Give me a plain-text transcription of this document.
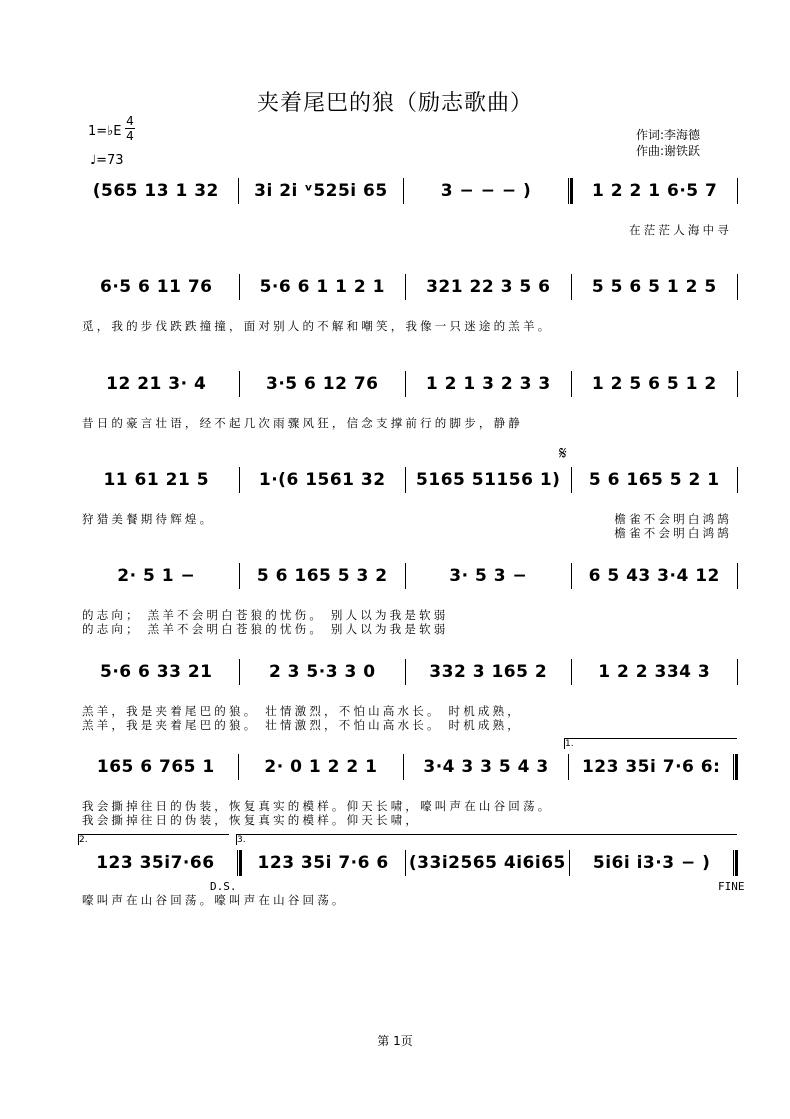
夹着尾巴的狼（励志歌曲）
1=♭E
4
4
♩=73
作词:李海德
作曲:谢铁跃
(565 13 1 32	3i 2i ᵛ525i 65	3 − − − )	1 2 2 1 6·5 7
在茫茫人海中寻
6·5 6 11 76	5·6 6 1 1 2 1	321 22 3 5 6	5 5 6 5 1 2 5
觅，我的步伐跌跌撞撞，面对别人的不解和嘲笑，我像一只迷途的羔羊。
12 21 3· 4	3·5 6 12 76	1 2 1 3 2 3 3	1 2 5 6 5 1 2
昔日的豪言壮语，经不起几次雨骤风狂，信念支撑前行的脚步，静静
𝄋
11 61 21 5	1·(6 1561 32	5165 51156 1)	5 6 165 5 2 1
狩猎美餐期待辉煌。	檐雀不会明白鸿鹄
檐雀不会明白鸿鹄
2· 5 1 −	5 6 165 5 3 2	3· 5 3 −	6 5 43 3·4 12
的志向； 羔羊不会明白苍狼的忧伤。 别人以为我是软弱
的志向； 羔羊不会明白苍狼的忧伤。 别人以为我是软弱
5·6 6 33 21	2 3 5·3 3 0	332 3 165 2	1 2 2 334 3
羔羊，我是夹着尾巴的狼。 壮情激烈，不怕山高水长。 时机成熟，
羔羊，我是夹着尾巴的狼。 壮情激烈，不怕山高水长。 时机成熟，
1.
165 6 765 1	2· 0 1 2 2 1	3·4 3 3 5 4 3	123 35i 7·6 6:
我会撕掉往日的伪装，恢复真实的模样。仰天长啸，嚎叫声在山谷回荡。
我会撕掉往日的伪装，恢复真实的模样。仰天长啸，
2.	3.
123 35i7·66	123 35i 7·6 6	(33i2565 4i6i65	5i6i i3·3 − )
D.S.	FINE
嚎叫声在山谷回荡。嚎叫声在山谷回荡。
第 1页
